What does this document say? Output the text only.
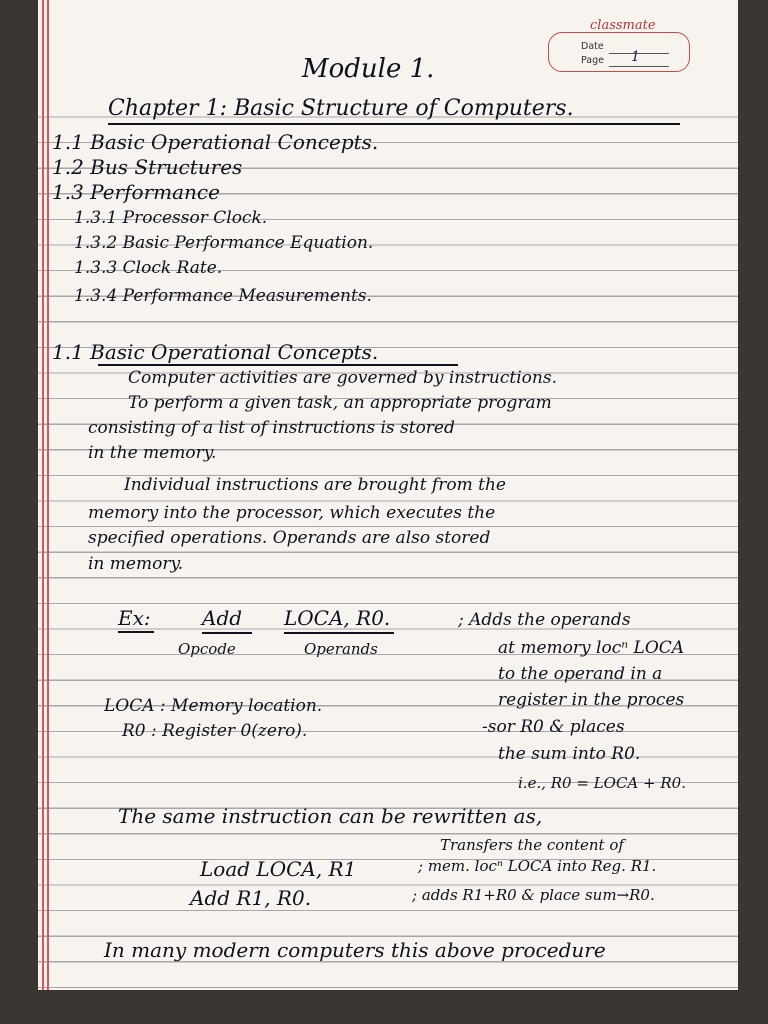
classmate
Date
Page 1
Module 1.
Chapter 1: Basic Structure of Computers.
1.1 Basic Operational Concepts.
1.2 Bus Structures
1.3 Performance
1.3.1 Processor Clock.
1.3.2 Basic Performance Equation.
1.3.3 Clock Rate.
1.3.4 Performance Measurements.
1.1 Basic Operational Concepts.
Computer activities are governed by instructions.
To perform a given task, an appropriate program
consisting of a list of instructions is stored
in the memory.
Individual instructions are brought from the
memory into the processor, which executes the
specified operations. Operands are also stored
in memory.
Ex:	Add LOCA, R0.
Opcode	Operands
LOCA : Memory location.
R0 : Register 0(zero).
; Adds the operands
at memory locⁿ LOCA
to the operand in a
register in the proces
-sor R0 & places
the sum into R0.
i.e., R0 = LOCA + R0.
The same instruction can be rewritten as,
Load LOCA, R1
Transfers the content of
; mem. locⁿ LOCA into Reg. R1.
Add R1, R0.	; adds R1+R0 & place sum→R0.
In many modern computers this above procedure
